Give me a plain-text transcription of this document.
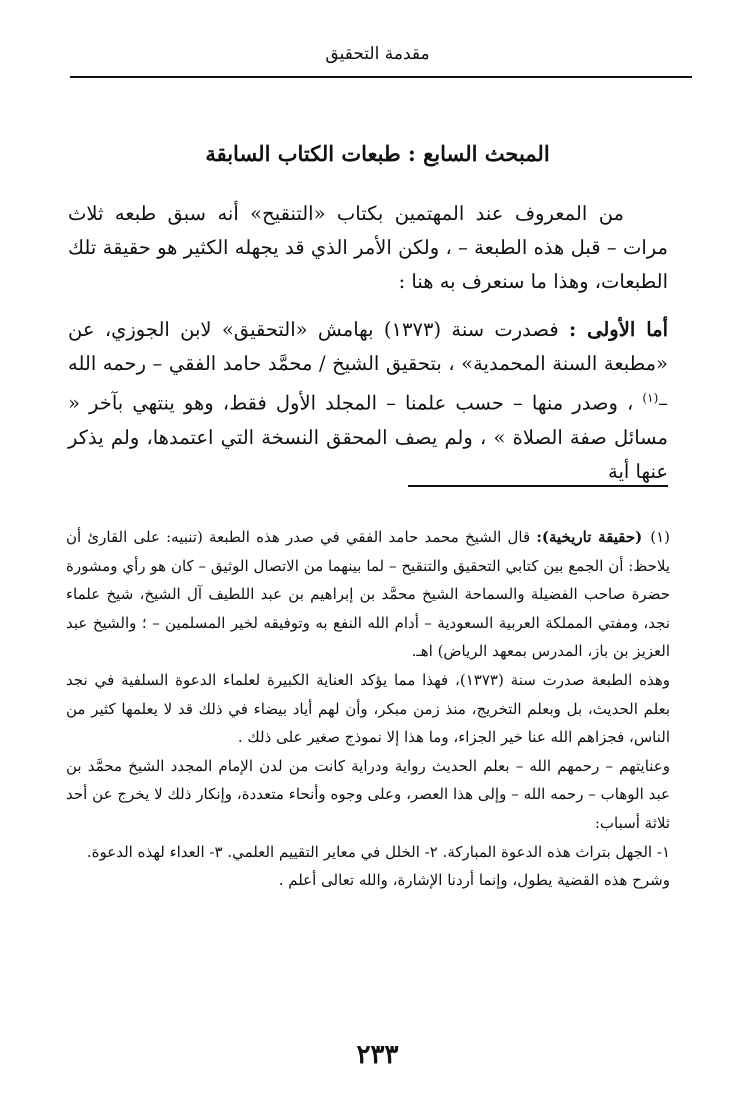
مقدمة التحقيق
المبحث السابع : طبعات الكتاب السابقة

من المعروف عند المهتمين بكتاب «التنقيح» أنه سبق طبعه ثلاث مرات – قبل هذه الطبعة – ، ولكن الأمر الذي قد يجهله الكثير هو حقيقة تلك الطبعات، وهذا ما سنعرف به هنا :

أما الأولى : فصدرت سنة (١٣٧٣) بهامش «التحقيق» لابن الجوزي، عن «مطبعة السنة المحمدية» ، بتحقيق الشيخ / محمَّد حامد الفقي – رحمه الله –$^{(١)}$ ، وصدر منها – حسب علمنا – المجلد الأول فقط، وهو ينتهي بآخر « مسائل صفة الصلاة » ، ولم يصف المحقق النسخة التي اعتمدها، ولم يذكر عنها أية

(١)(حقيقة تاريخية): قال الشيخ محمد حامد الفقي في صدر هذه الطبعة (تنبيه: على القارئ أن يلاحظ: أن الجمع بين كتابي التحقيق والتنقيح – لما بينهما من الاتصال الوثيق – كان هو رأي ومشورة حضرة صاحب الفضيلة والسماحة الشيخ محمَّد بن إبراهيم بن عبد اللطيف آل الشيخ، شيخ علماء نجد، ومفتي المملكة العربية السعودية – أدام الله النفع به وتوفيقه لخير المسلمين – ؛ والشيخ عبد العزيز بن باز، المدرس بمعهد الرياض) اهـ.

وهذه الطبعة صدرت سنة (١٣٧٣)، فهذا مما يؤكد العناية الكبيرة لعلماء الدعوة السلفية في نجد بعلم الحديث، بل وبعلم التخريج، منذ زمن مبكر، وأن لهم أياد بيضاء في ذلك قد لا يعلمها كثير من الناس، فجزاهم الله عنا خير الجزاء، وما هذا إلا نموذج صغير على ذلك .

وعنايتهم – رحمهم الله – بعلم الحديث رواية ودراية كانت من لدن الإمام المجدد الشيخ محمَّد بن عبد الوهاب – رحمه الله – وإلى هذا العصر، وعلى وجوه وأنحاء متعددة، وإنكار ذلك لا يخرج عن أحد ثلاثة أسباب:

١- الجهل بتراث هذه الدعوة المباركة. ٢- الخلل في معاير التقييم العلمي. ٣- العداء لهذه الدعوة.

وشرح هذه القضية يطول، وإنما أردنا الإشارة، والله تعالى أعلم .

٢٣٣
